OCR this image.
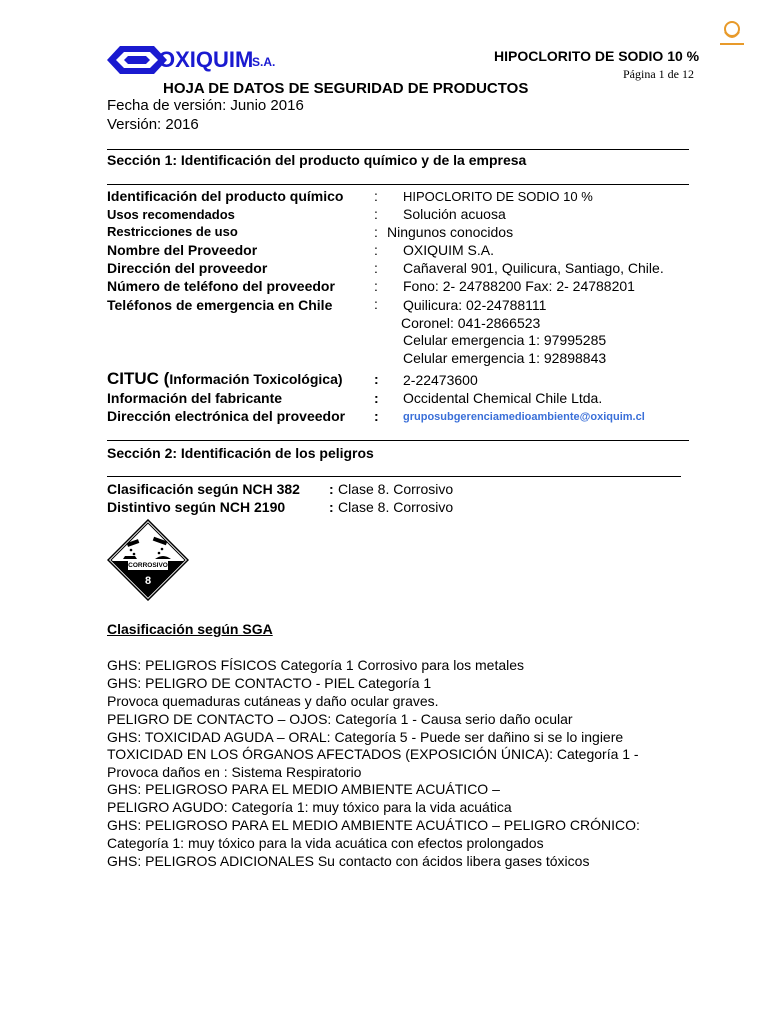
OXIQUIM
S.A.	HIPOCLORITO DE SODIO 10 %
Página 1 de 12
HOJA DE DATOS DE SEGURIDAD DE PRODUCTOS
Fecha de versión: Junio 2016
Versión: 2016
Sección 1: Identificación del producto químico y de la empresa
Identificación del producto químico : HIPOCLORITO DE SODIO 10 %
Usos recomendados	: Solución acuosa
Restricciones de uso	: Ningunos conocidos
Nombre del Proveedor	: OXIQUIM S.A.
Dirección del proveedor	: Cañaveral 901, Quilicura, Santiago, Chile.
Número de teléfono del proveedor	: Fono: 2- 24788200 Fax: 2- 24788201
Teléfonos de emergencia en Chile	: Quilicura: 02-24788111
Coronel: 041-2866523
Celular emergencia 1: 97995285
Celular emergencia 1: 92898843
CITUC (Información Toxicológica) : 2-22473600
Información del fabricante	: Occidental Chemical Chile Ltda.
Dirección electrónica del proveedor : gruposubgerenciamedioambiente@oxiquim.cl
Sección 2: Identificación de los peligros
Clasificación según NCH 382 : Clase 8. Corrosivo
Distintivo según NCH 2190	: Clase 8. Corrosivo
CORROSIVO
8
Clasificación según SGA
GHS: PELIGROS FÍSICOS Categoría 1 Corrosivo para los metales
GHS: PELIGRO DE CONTACTO - PIEL Categoría 1
Provoca quemaduras cutáneas y daño ocular graves.
PELIGRO DE CONTACTO – OJOS: Categoría 1 - Causa serio daño ocular
GHS: TOXICIDAD AGUDA – ORAL: Categoría 5 - Puede ser dañino si se lo ingiere
TOXICIDAD EN LOS ÓRGANOS AFECTADOS (EXPOSICIÓN ÚNICA): Categoría 1 -
Provoca daños en : Sistema Respiratorio
GHS: PELIGROSO PARA EL MEDIO AMBIENTE ACUÁTICO –
PELIGRO AGUDO: Categoría 1: muy tóxico para la vida acuática
GHS: PELIGROSO PARA EL MEDIO AMBIENTE ACUÁTICO – PELIGRO CRÓNICO:
Categoría 1: muy tóxico para la vida acuática con efectos prolongados
GHS: PELIGROS ADICIONALES Su contacto con ácidos libera gases tóxicos
